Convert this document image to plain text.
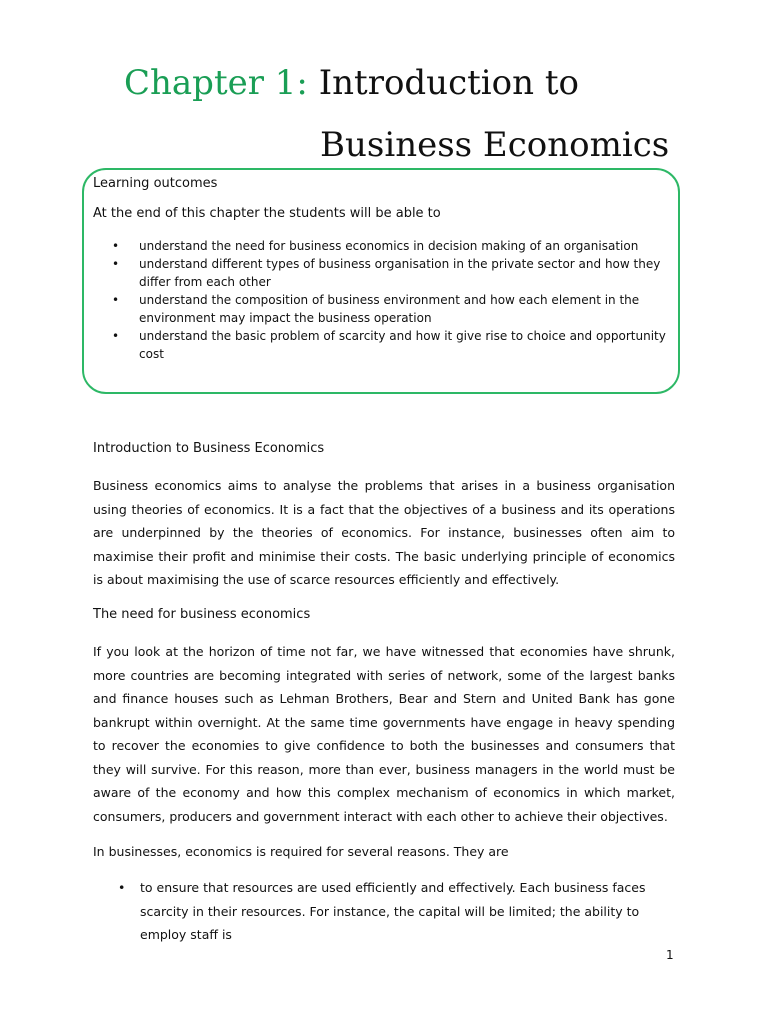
Chapter 1: Introduction to
Business Economics
Learning outcomes
At the end of this chapter the students will be able to
• understand the need for business economics in decision making of an organisation
• understand different types of business organisation in the private sector and how they differ from each other
• understand the composition of business environment and how each element in the environment may impact the business operation
• understand the basic problem of scarcity and how it give rise to choice and opportunity cost
Introduction to Business Economics

Business economics aims to analyse the problems that arises in a business organisation using theories of economics. It is a fact that the objectives of a business and its operations are underpinned by the theories of economics. For instance, businesses often aim to maximise their profit and minimise their costs. The basic underlying principle of economics is about maximising the use of scarce resources efficiently and effectively.

The need for business economics

If you look at the horizon of time not far, we have witnessed that economies have shrunk, more countries are becoming integrated with series of network, some of the largest banks and finance houses such as Lehman Brothers, Bear and Stern and United Bank has gone bankrupt within overnight. At the same time governments have engage in heavy spending to recover the economies to give confidence to both the businesses and consumers that they will survive. For this reason, more than ever, business managers in the world must be aware of the economy and how this complex mechanism of economics in which market, consumers, producers and government interact with each other to achieve their objectives.

In businesses, economics is required for several reasons. They are

• to ensure that resources are used efficiently and effectively. Each business faces scarcity in their resources. For instance, the capital will be limited; the ability to employ staff is
1
